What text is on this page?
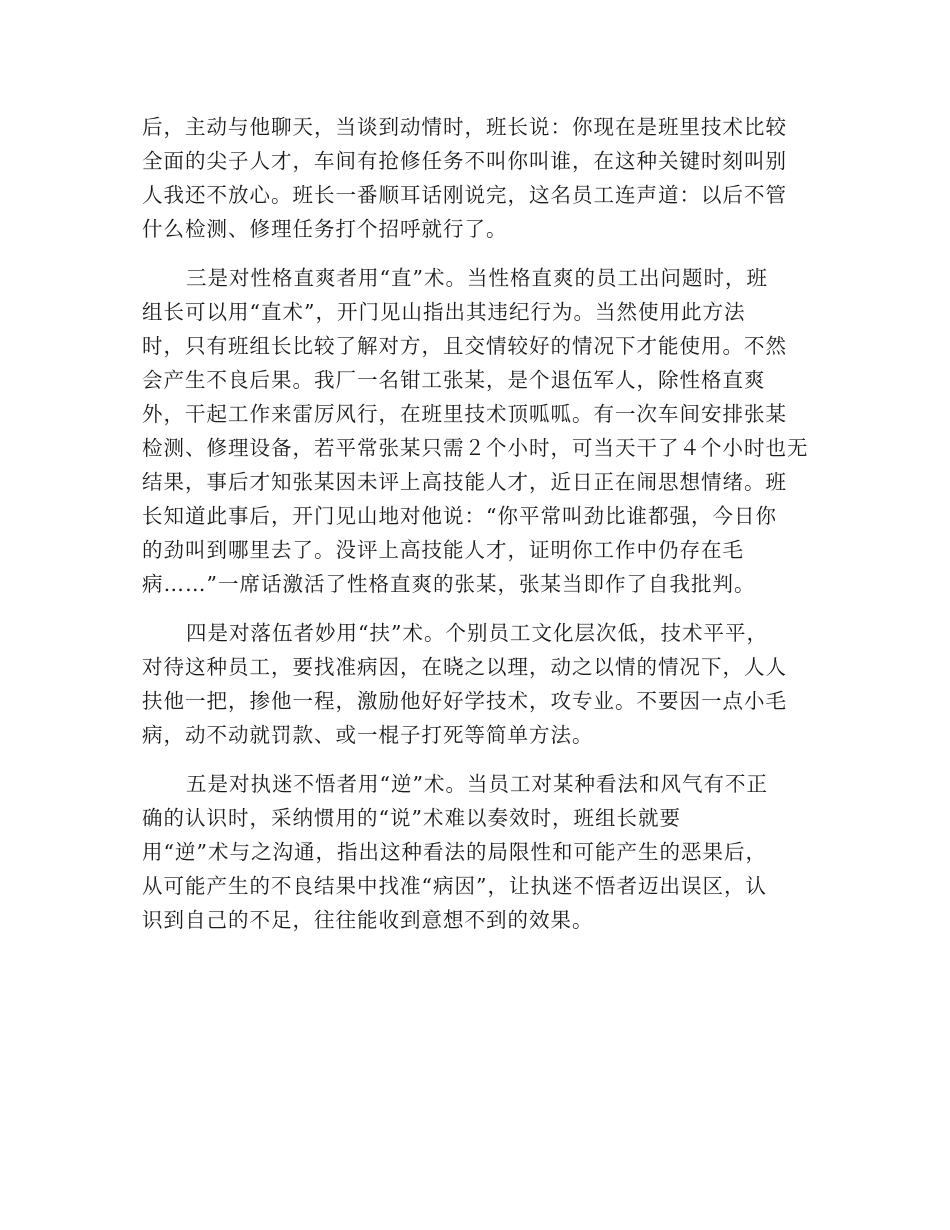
后，主动与他聊天，当谈到动情时，班长说：你现在是班里技术比较
全面的尖子人才，车间有抢修任务不叫你叫谁，在这种关键时刻叫别
人我还不放心。班长一番顺耳话刚说完，这名员工连声道：以后不管
什么检测、修理任务打个招呼就行了。
三是对性格直爽者用“直”术。当性格直爽的员工出问题时，班
组长可以用“直术”，开门见山指出其违纪行为。当然使用此方法
时，只有班组长比较了解对方，且交情较好的情况下才能使用。不然
会产生不良后果。我厂一名钳工张某，是个退伍军人，除性格直爽
外，干起工作来雷厉风行，在班里技术顶呱呱。有一次车间安排张某
检测、修理设备，若平常张某只需２个小时，可当天干了４个小时也无
结果，事后才知张某因未评上高技能人才，近日正在闹思想情绪。班
长知道此事后，开门见山地对他说：“你平常叫劲比谁都强，今日你
的劲叫到哪里去了。没评上高技能人才，证明你工作中仍存在毛
病……”一席话激活了性格直爽的张某，张某当即作了自我批判。
四是对落伍者妙用“扶”术。个别员工文化层次低，技术平平，
对待这种员工，要找准病因，在晓之以理，动之以情的情况下，人人
扶他一把，掺他一程，激励他好好学技术，攻专业。不要因一点小毛
病，动不动就罚款、或一棍子打死等简单方法。
五是对执迷不悟者用“逆”术。当员工对某种看法和风气有不正
确的认识时，采纳惯用的“说”术难以奏效时，班组长就要
用“逆”术与之沟通，指出这种看法的局限性和可能产生的恶果后，
从可能产生的不良结果中找准“病因”，让执迷不悟者迈出误区，认
识到自己的不足，往往能收到意想不到的效果。
